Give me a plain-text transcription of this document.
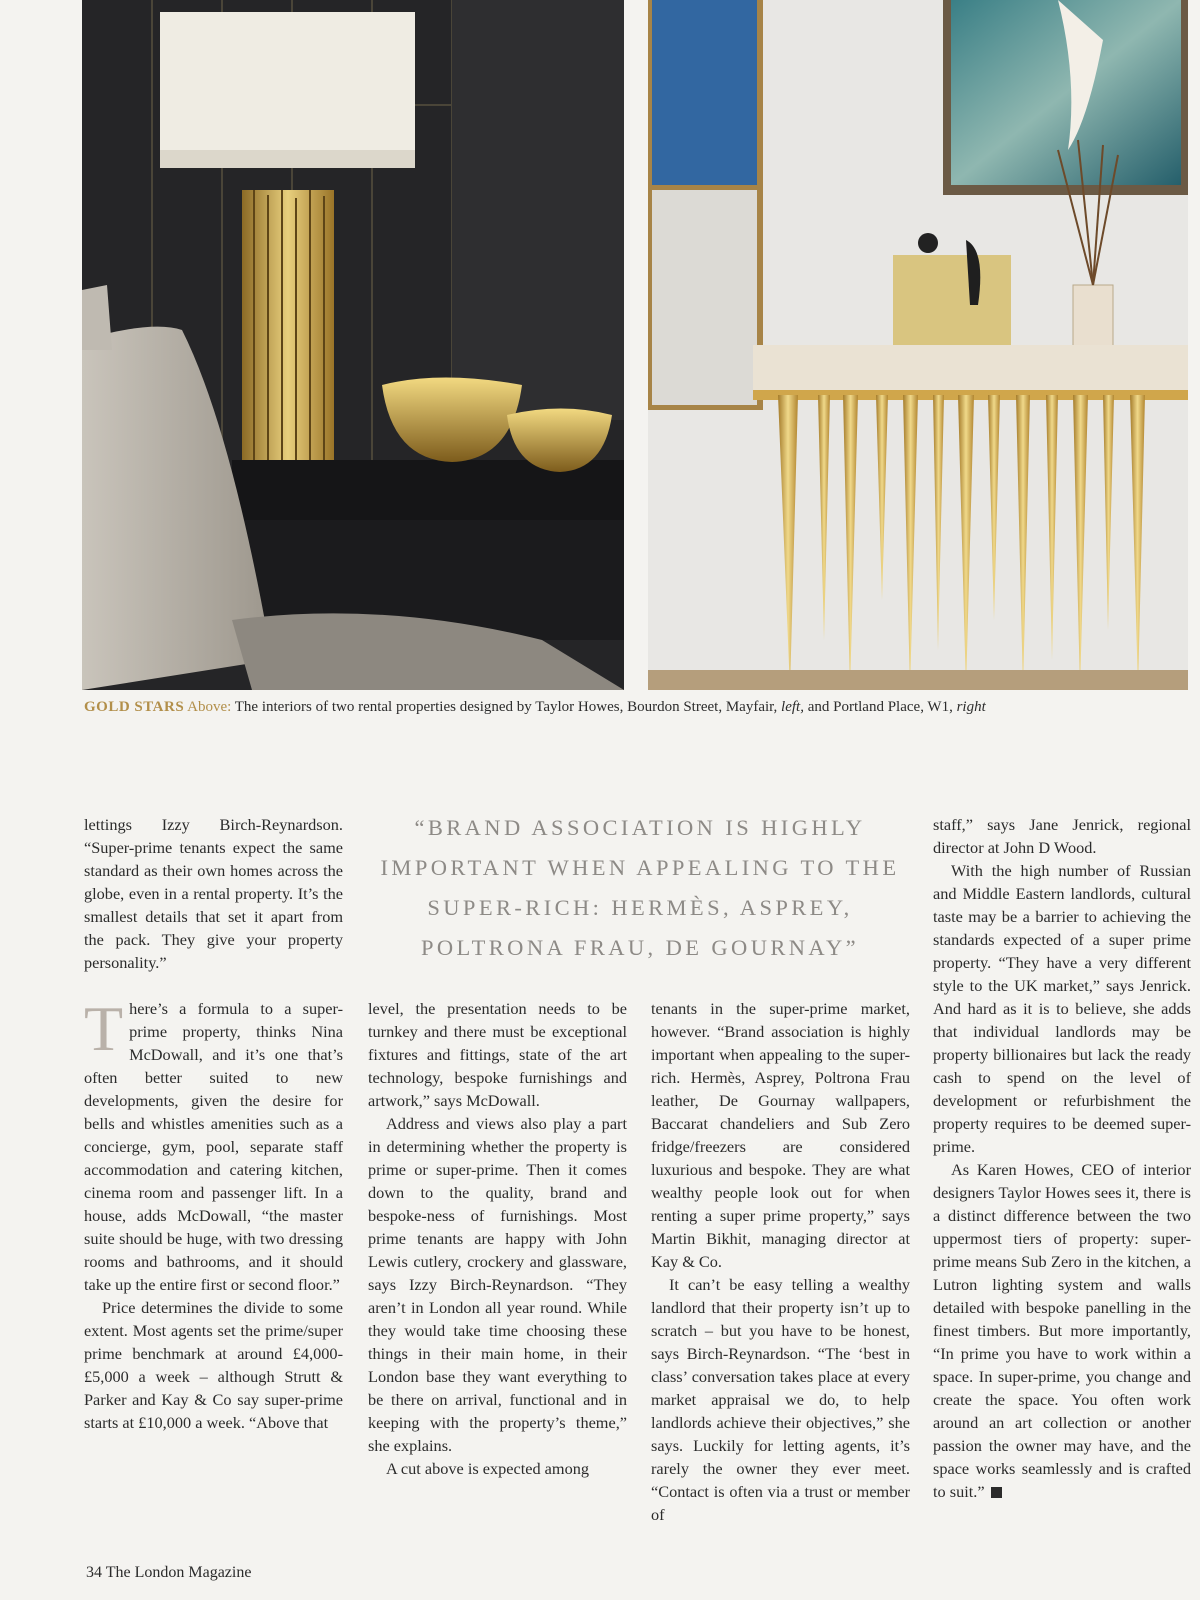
GOLD STARS Above: The interiors of two rental properties designed by Taylor Howes, Bourdon Street, Mayfair, left, and Portland Place, W1, right
“BRAND ASSOCIATION IS HIGHLY IMPORTANT WHEN APPEALING TO THE SUPER-RICH: HERMÈS, ASPREY, POLTRONA FRAU, DE GOURNAY”

lettings Izzy Birch-Reynardson. “Super-prime tenants expect the same standard as their own homes across the globe, even in a rental property. It’s the smallest details that set it apart from the pack. They give your property personality.”

There’s a formula to a super-prime property, thinks Nina McDowall, and it’s one that’s often better suited to new developments, given the desire for bells and whistles amenities such as a concierge, gym, pool, separate staff accommodation and catering kitchen, cinema room and passenger lift. In a house, adds McDowall, “the master suite should be huge, with two dressing rooms and bathrooms, and it should take up the entire first or second floor.”

Price determines the divide to some extent. Most agents set the prime/super prime benchmark at around £4,000-£5,000 a week – although Strutt & Parker and Kay & Co say super-prime starts at £10,000 a week. “Above that

level, the presentation needs to be turnkey and there must be exceptional fixtures and fittings, state of the art technology, bespoke furnishings and artwork,” says McDowall.

Address and views also play a part in determining whether the property is prime or super-prime. Then it comes down to the quality, brand and bespoke-ness of furnishings. Most prime tenants are happy with John Lewis cutlery, crockery and glassware, says Izzy Birch-Reynardson. “They aren’t in London all year round. While they would take time choosing these things in their main home, in their London base they want everything to be there on arrival, functional and in keeping with the property’s theme,” she explains.

A cut above is expected among

tenants in the super-prime market, however. “Brand association is highly important when appealing to the super-rich. Hermès, Asprey, Poltrona Frau leather, De Gournay wallpapers, Baccarat chandeliers and Sub Zero fridge/freezers are considered luxurious and bespoke. They are what wealthy people look out for when renting a super prime property,” says Martin Bikhit, managing director at Kay & Co.

It can’t be easy telling a wealthy landlord that their property isn’t up to scratch – but you have to be honest, says Birch-Reynardson. “The ‘best in class’ conversation takes place at every market appraisal we do, to help landlords achieve their objectives,” she says. Luckily for letting agents, it’s rarely the owner they ever meet. “Contact is often via a trust or member of

staff,” says Jane Jenrick, regional director at John D Wood.

With the high number of Russian and Middle Eastern landlords, cultural taste may be a barrier to achieving the standards expected of a super prime property. “They have a very different style to the UK market,” says Jenrick. And hard as it is to believe, she adds that individual landlords may be property billionaires but lack the ready cash to spend on the level of development or refurbishment the property requires to be deemed super-prime.

As Karen Howes, CEO of interior designers Taylor Howes sees it, there is a distinct difference between the two uppermost tiers of property: super-prime means Sub Zero in the kitchen, a Lutron lighting system and walls detailed with bespoke panelling in the finest timbers. But more importantly, “In prime you have to work within a space. In super-prime, you change and create the space. You often work around an art collection or another passion the owner may have, and the space works seamlessly and is crafted to suit.”

34 The London Magazine
